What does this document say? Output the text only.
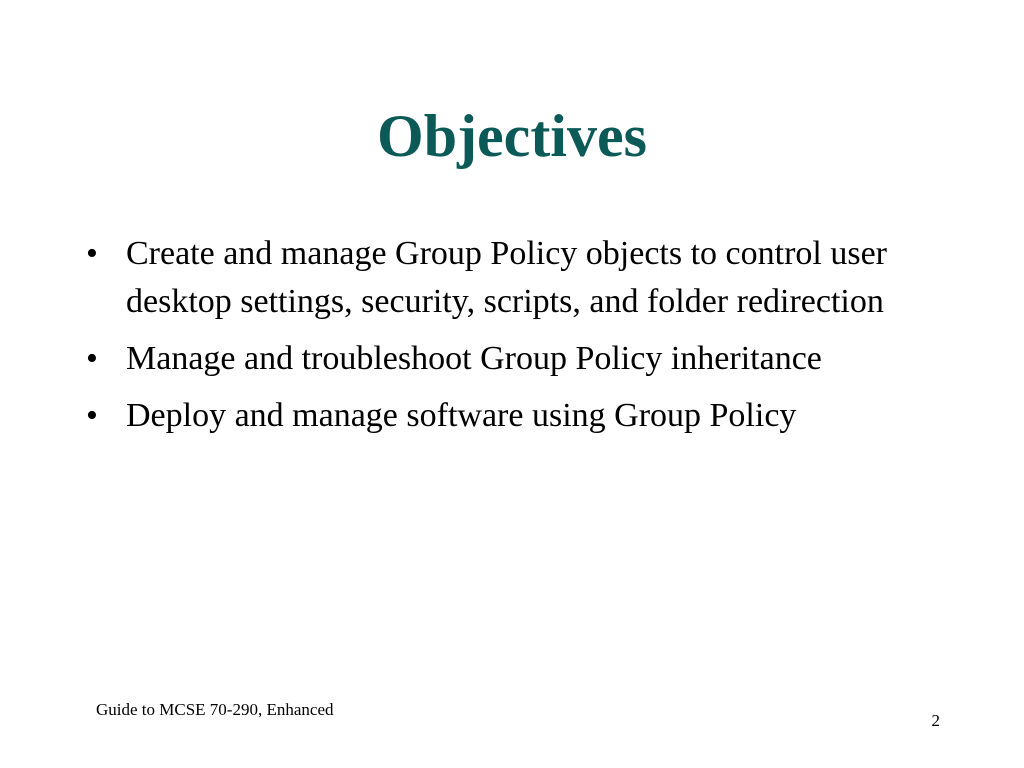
Objectives
• Create and manage Group Policy objects to control user desktop settings, security, scripts, and folder redirection
• Manage and troubleshoot Group Policy inheritance
• Deploy and manage software using Group Policy
Guide to MCSE 70-290, Enhanced
2
